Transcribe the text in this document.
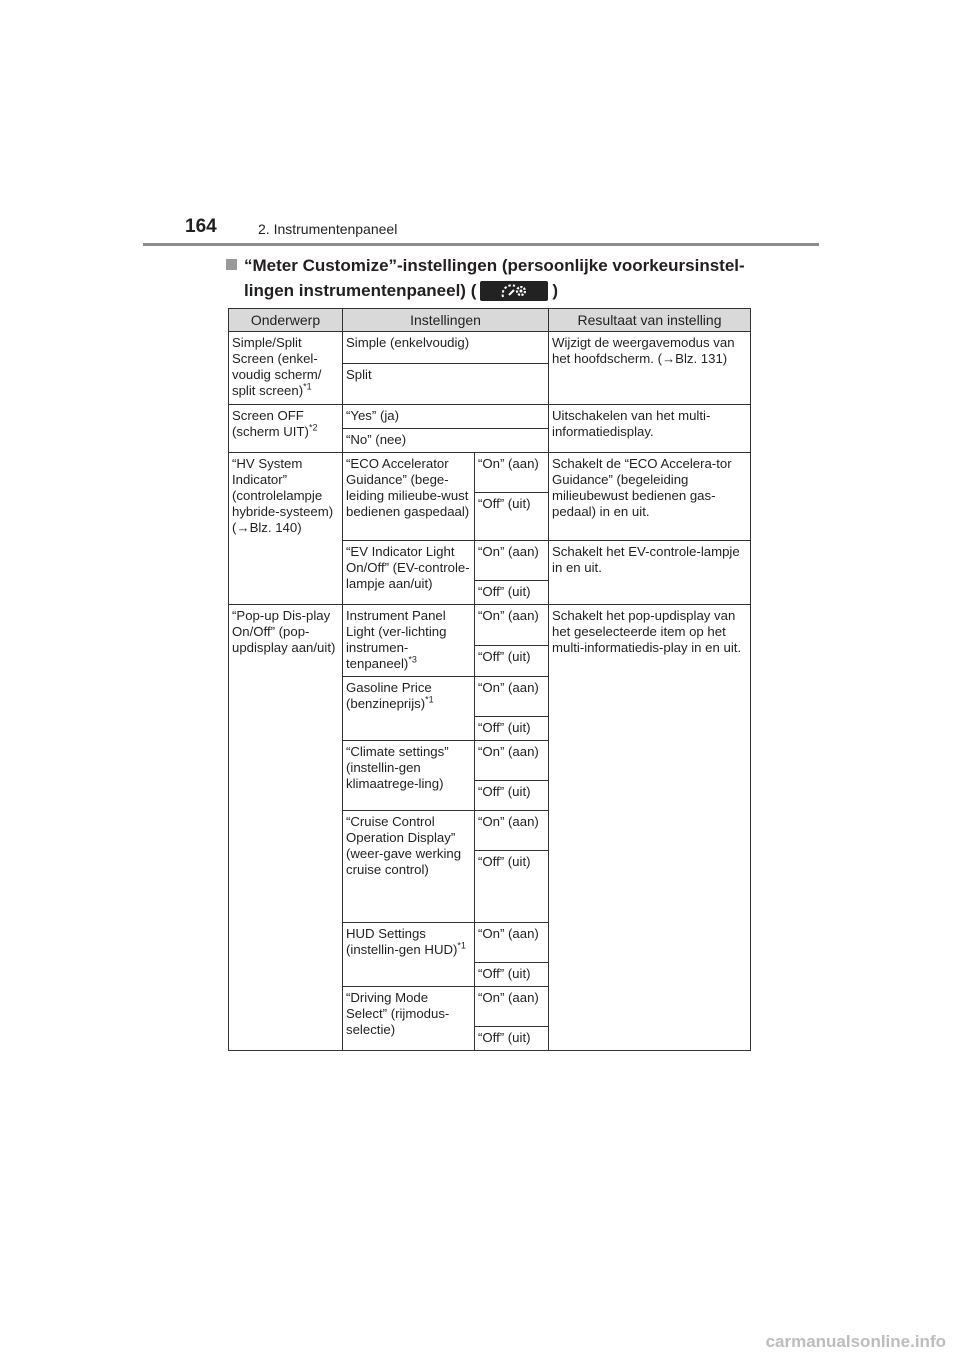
164	2. Instrumentenpaneel
“Meter Customize”-instellingen (persoonlijke voorkeursinstel-
lingen instrumentenpaneel) (	)
Onderwerp	Instellingen		Resultaat van instelling
Simple/Split Screen (enkel-voudig scherm/ split screen)$^{*1}$	Simple (enkelvoudig)		Wijzigt de weergavemodus van het hoofdscherm. (→Blz. 131)
	Split		
Screen OFF (scherm UIT)$^{*2}$	“Yes” (ja)		Uitschakelen van het multi-informatiedisplay.
	“No” (nee)		
“HV System Indicator” (controlelampje hybride-systeem) (→Blz. 140)	“ECO Accelerator Guidance” (bege-leiding milieube-wust bedienen gaspedaal)	“On” (aan)	Schakelt de “ECO Accelera-tor Guidance” (begeleiding milieubewust bedienen gas-pedaal) in en uit.
		“Off” (uit)	
	“EV Indicator Light On/Off” (EV-controle-lampje aan/uit)	“On” (aan)	Schakelt het EV-controle-lampje in en uit.
		“Off” (uit)	
“Pop-up Dis-play On/Off” (pop-updisplay aan/uit)	Instrument Panel Light (ver-lichting instrumen-tenpaneel)$^{*3}$	“On” (aan)	Schakelt het pop-updisplay van het geselecteerde item op het multi-informatiedis-play in en uit.
		“Off” (uit)	
	Gasoline Price (benzineprijs)$^{*1}$	“On” (aan)	
		“Off” (uit)	
	“Climate settings” (instellin-gen klimaatrege-ling)	“On” (aan)	
		“Off” (uit)	
	“Cruise Control Operation Display” (weer-gave werking cruise control)	“On” (aan)	
		“Off” (uit)	
	HUD Settings (instellin-gen HUD)$^{*1}$	“On” (aan)	
		“Off” (uit)	
	“Driving Mode Select” (rijmodus-selectie)	“On” (aan)	
		“Off” (uit)	
carmanualsonline.info
